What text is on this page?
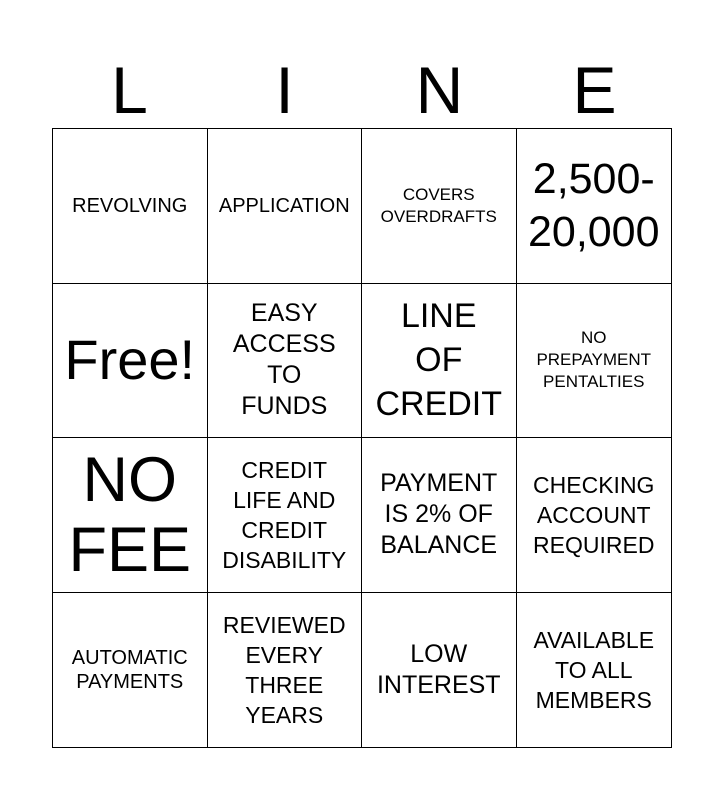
L	I	N	E
REVOLVING APPLICATION
COVERS
OVERDRAFTS
2,500-
20,000
Free!
EASY
ACCESS
TO
FUNDS
LINE
OF
CREDIT
NO
PREPAYMENT
PENTALTIES
NO
FEE
CREDIT
LIFE AND
CREDIT
DISABILITY
PAYMENT
IS 2% OF
BALANCE
CHECKING
ACCOUNT
REQUIRED
AUTOMATIC
PAYMENTS
REVIEWED
EVERY
THREE
YEARS
LOW
INTEREST
AVAILABLE
TO ALL
MEMBERS
